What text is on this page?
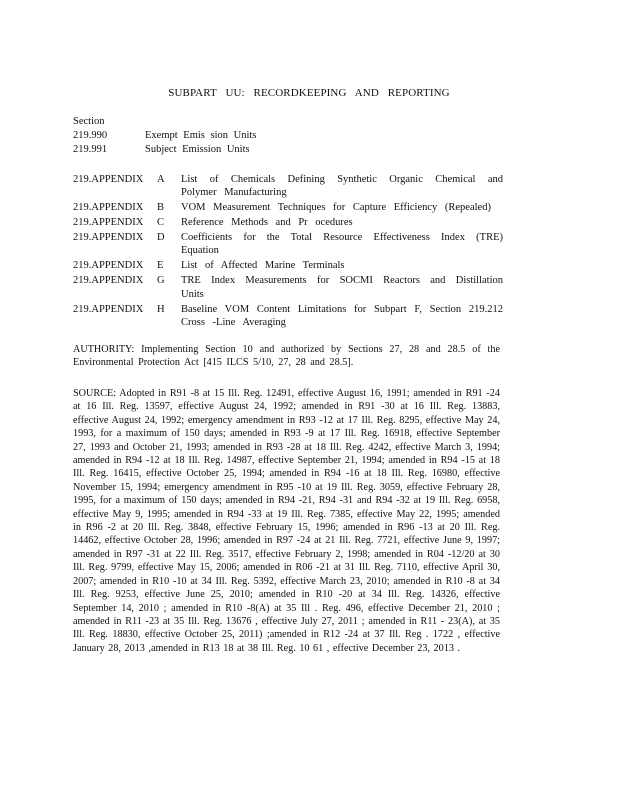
SUBPART UU: RECORDKEEPING AND REPORTING
Section
219.990	Exempt Emis sion Units
219.991	Subject Emission Units
219.APPENDIX	A	List of Chemicals Defining Synthetic Organic Chemical and Polymer Manufacturing
219.APPENDIX	B	VOM Measurement Techniques for Capture Efficiency (Repealed)
219.APPENDIX	C	Reference Methods and Pr ocedures
219.APPENDIX	D	Coefficients for the Total Resource Effectiveness Index (TRE) Equation
219.APPENDIX	E	List of Affected Marine Terminals
219.APPENDIX	G	TRE Index Measurements for SOCMI Reactors and Distillation Units
219.APPENDIX	H	Baseline VOM Content Limitations for Subpart F, Section 219.212 Cross -Line Averaging
AUTHORITY: Implementing Section 10 and authorized by Sections 27, 28 and 28.5 of the Environmental Protection Act [415 ILCS 5/10, 27, 28 and 28.5].
SOURCE: Adopted in R91 -8 at 15 Ill. Reg. 12491, effective August 16, 1991; amended in R91 -24 at 16 Ill. Reg. 13597, effective August 24, 1992; amended in R91 -30 at 16 Ill. Reg. 13883, effective August 24, 1992; emergency amendment in R93 -12 at 17 Ill. Reg. 8295, effective May 24, 1993, for a maximum of 150 days; amended in R93 -9 at 17 Ill. Reg. 16918, effective September 27, 1993 and October 21, 1993; amended in R93 -28 at 18 Ill. Reg. 4242, effective March 3, 1994; amended in R94 -12 at 18 Ill. Reg. 14987, effective September 21, 1994; amended in R94 -15 at 18 Ill. Reg. 16415, effective October 25, 1994; amended in R94 -16 at 18 Ill. Reg. 16980, effective November 15, 1994; emergency amendment in R95 -10 at 19 Ill. Reg. 3059, effective February 28, 1995, for a maximum of 150 days; amended in R94 -21, R94 -31 and R94 -32 at 19 Ill. Reg. 6958, effective May 9, 1995; amended in R94 -33 at 19 Ill. Reg. 7385, effective May 22, 1995; amended in R96 -2 at 20 Ill. Reg. 3848, effective February 15, 1996; amended in R96 -13 at 20 Ill. Reg. 14462, effective October 28, 1996; amended in R97 -24 at 21 Ill. Reg. 7721, effective June 9, 1997; amended in R97 -31 at 22 Ill. Reg. 3517, effective February 2, 1998; amended in R04 -12/20 at 30 Ill. Reg. 9799, effective May 15, 2006; amended in R06 -21 at 31 Ill. Reg. 7110, effective April 30, 2007; amended in R10 -10 at 34 Ill. Reg. 5392, effective March 23, 2010; amended in R10 -8 at 34 Ill. Reg. 9253, effective June 25, 2010; amended in R10 -20 at 34 Ill. Reg. 14326, effective September 14, 2010 ; amended in R10 -8(A) at 35 Ill . Reg. 496, effective December 21, 2010 ; amended in R11 -23 at 35 Ill. Reg. 13676 , effective July 27, 2011 ; amended in R11 - 23(A), at 35 Ill. Reg. 18830, effective October 25, 2011) ;amended in R12 -24 at 37 Ill. Reg . 1722 , effective January 28, 2013 ,amended in R13 18 at 38 Ill. Reg. 10 61 , effective December 23, 2013 .
